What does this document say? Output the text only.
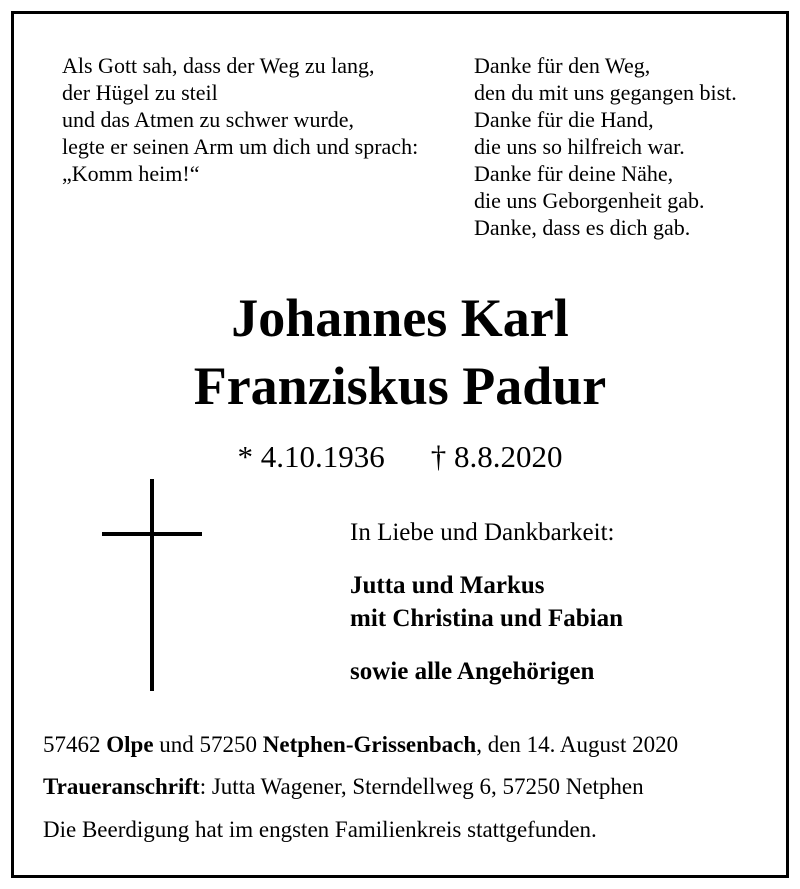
Als Gott sah, dass der Weg zu lang,
der Hügel zu steil
und das Atmen zu schwer wurde,
legte er seinen Arm um dich und sprach:
„Komm heim!“
Danke für den Weg,
den du mit uns gegangen bist.
Danke für die Hand,
die uns so hilfreich war.
Danke für deine Nähe,
die uns Geborgenheit gab.
Danke, dass es dich gab.
Johannes Karl
Franziskus Padur
* 4.10.1936 † 8.8.2020
In Liebe und Dankbarkeit:
Jutta und Markus
mit Christina und Fabian
sowie alle Angehörigen
57462 Olpe und 57250 Netphen-Grissenbach, den 14. August 2020
Traueranschrift: Jutta Wagener, Sterndellweg 6, 57250 Netphen
Die Beerdigung hat im engsten Familienkreis stattgefunden.
